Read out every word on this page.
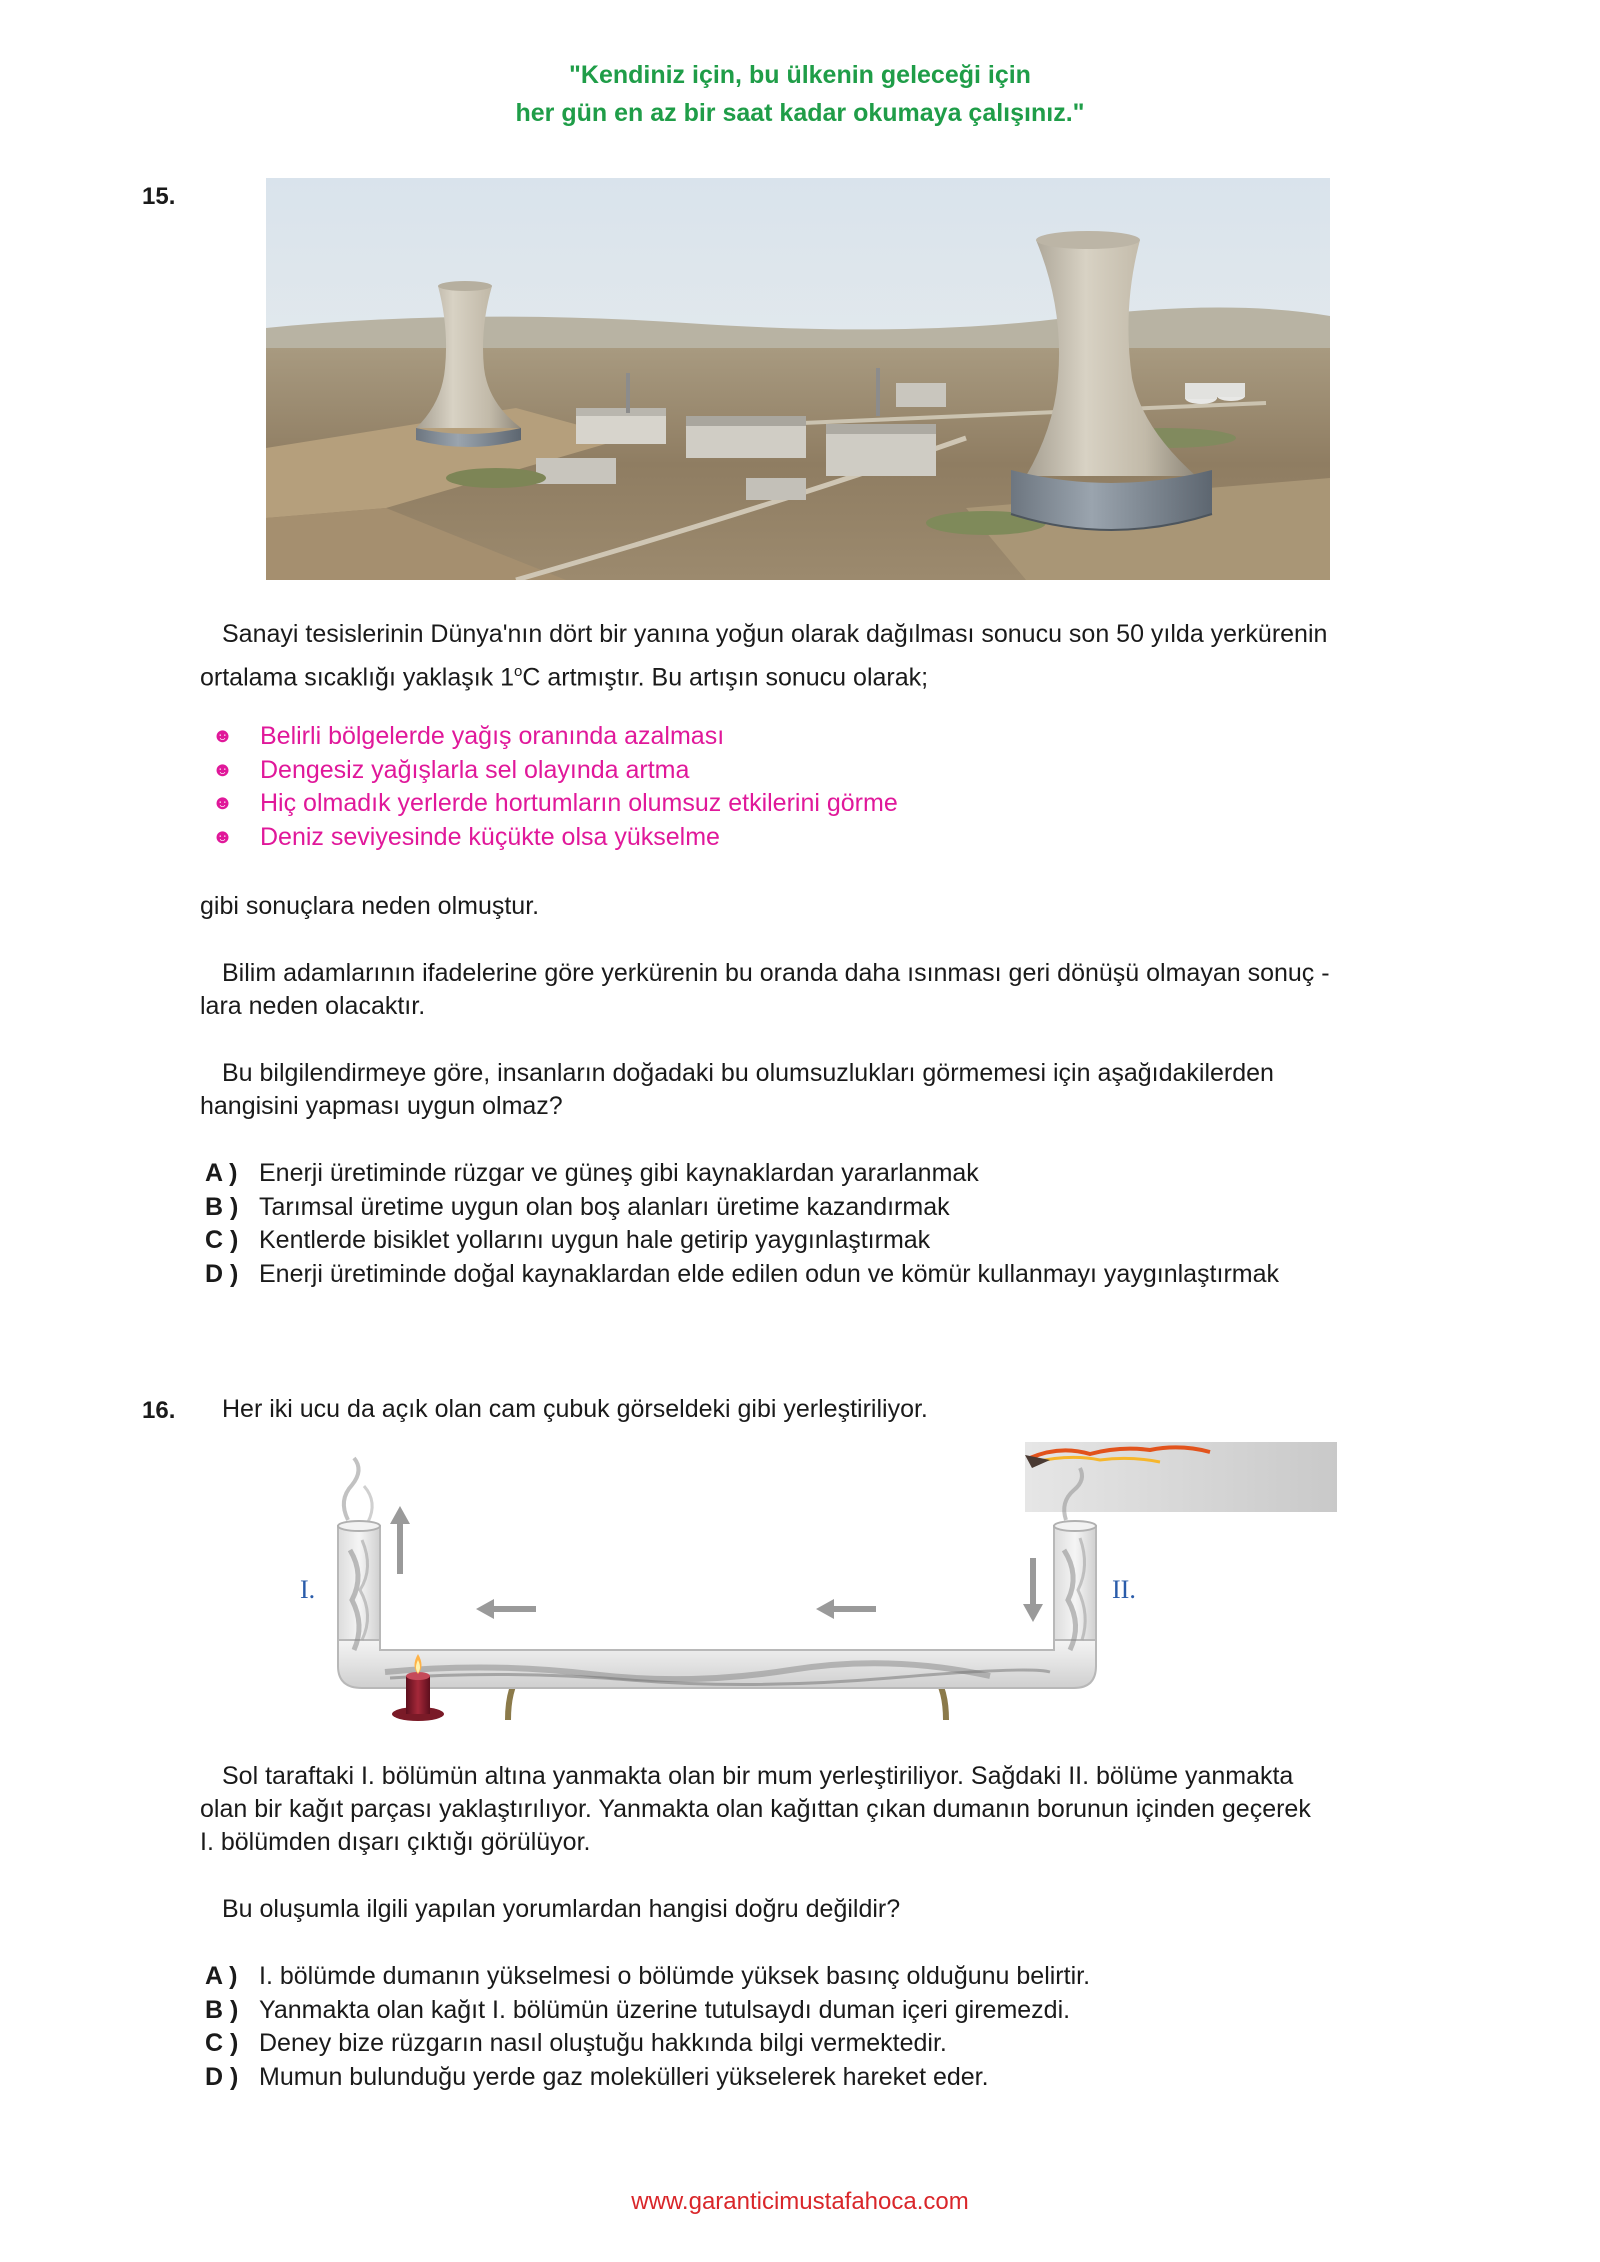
"Kendiniz için, bu ülkenin geleceği için
her gün en az bir saat kadar okumaya çalışınız."
15.
Sanayi tesislerinin Dünya'nın dört bir yanına yoğun olarak dağılması sonucu son 50 yılda yerkürenin
ortalama sıcaklığı yaklaşık 1$^o$C artmıştır. Bu artışın sonucu olarak;
☻	Belirli bölgelerde yağış oranında azalması
☻	Dengesiz yağışlarla sel olayında artma
☻	Hiç olmadık yerlerde hortumların olumsuz etkilerini görme
☻	Deniz seviyesinde küçükte olsa yükselme
gibi sonuçlara neden olmuştur.
Bilim adamlarının ifadelerine göre yerkürenin bu oranda daha ısınması geri dönüşü olmayan sonuç -
lara neden olacaktır.
Bu bilgilendirmeye göre, insanların doğadaki bu olumsuzlukları görmemesi için aşağıdakilerden
hangisini yapması uygun olmaz?
A ) Enerji üretiminde rüzgar ve güneş gibi kaynaklardan yararlanmak
B ) Tarımsal üretime uygun olan boş alanları üretime kazandırmak
C ) Kentlerde bisiklet yollarını uygun hale getirip yaygınlaştırmak
D ) Enerji üretiminde doğal kaynaklardan elde edilen odun ve kömür kullanmayı yaygınlaştırmak
16. Her iki ucu da açık olan cam çubuk görseldeki gibi yerleştiriliyor.
I.	II.
Sol taraftaki I. bölümün altına yanmakta olan bir mum yerleştiriliyor. Sağdaki II. bölüme yanmakta
olan bir kağıt parçası yaklaştırılıyor. Yanmakta olan kağıttan çıkan dumanın borunun içinden geçerek
I. bölümden dışarı çıktığı görülüyor.
Bu oluşumla ilgili yapılan yorumlardan hangisi doğru değildir?
A ) I. bölümde dumanın yükselmesi o bölümde yüksek basınç olduğunu belirtir.
B ) Yanmakta olan kağıt I. bölümün üzerine tutulsaydı duman içeri giremezdi.
C ) Deney bize rüzgarın nasıl oluştuğu hakkında bilgi vermektedir.
D ) Mumun bulunduğu yerde gaz molekülleri yükselerek hareket eder.
www.garanticimustafahoca.com
